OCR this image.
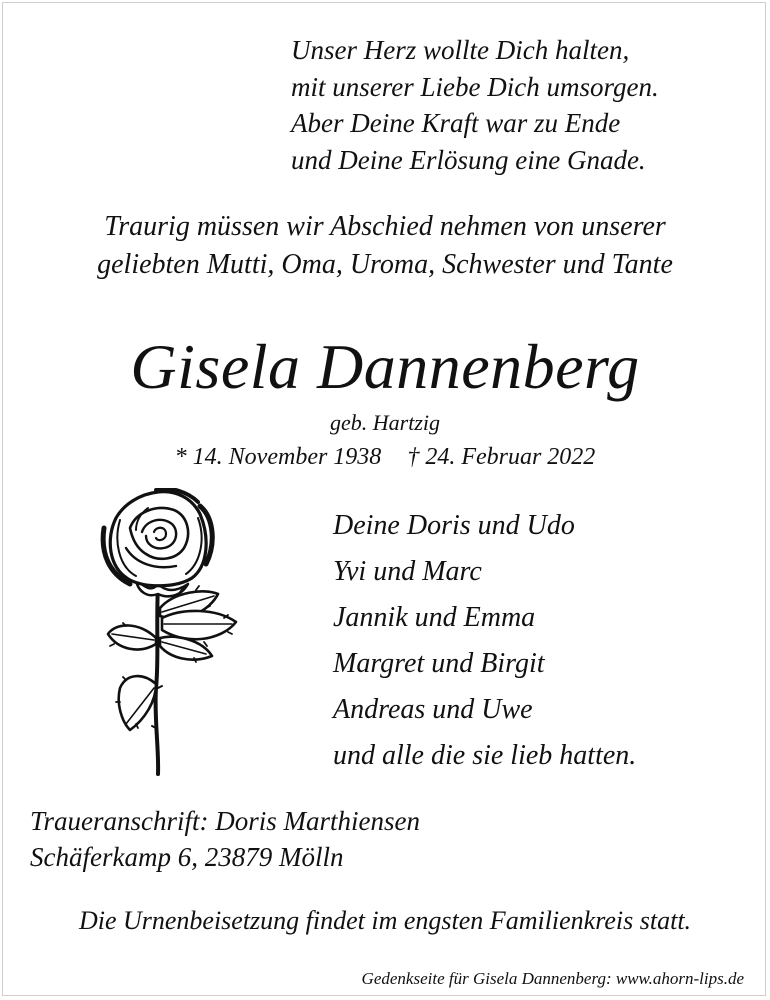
Unser Herz wollte Dich halten,
mit unserer Liebe Dich umsorgen.
Aber Deine Kraft war zu Ende
und Deine Erlösung eine Gnade.
Traurig müssen wir Abschied nehmen von unserer
geliebten Mutti, Oma, Uroma, Schwester und Tante
Gisela Dannenberg
geb. Hartzig
* 14. November 1938 † 24. Februar 2022
Deine Doris und Udo
Yvi und Marc
Jannik und Emma
Margret und Birgit
Andreas und Uwe
und alle die sie lieb hatten.
Traueranschrift: Doris Marthiensen
Schäferkamp 6, 23879 Mölln
Die Urnenbeisetzung findet im engsten Familienkreis statt.
Gedenkseite für Gisela Dannenberg: www.ahorn-lips.de
